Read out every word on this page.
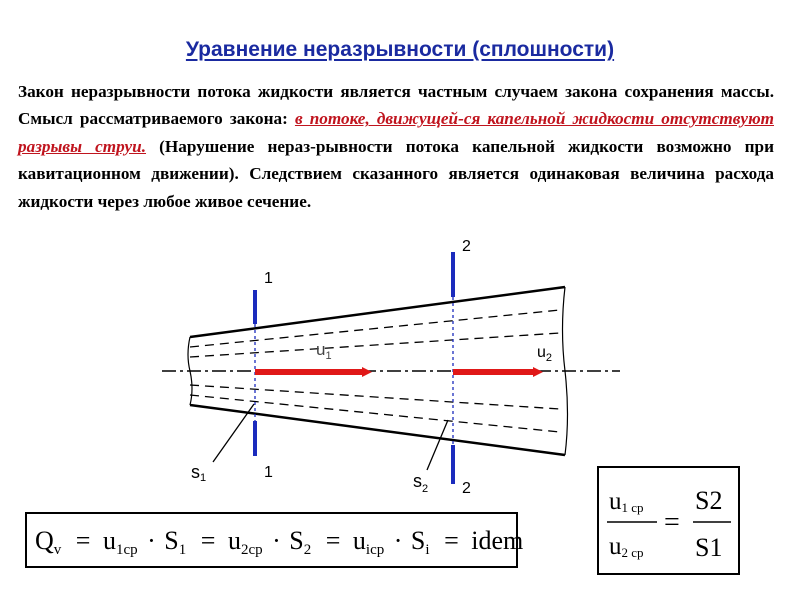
Уравнение неразрывности (сплошности)
Закон неразрывности потока жидкости является частным случаем закона сохранения массы. Смысл рассматриваемого закона: в потоке, движущей-ся капельной жидкости отсутствуют разрывы струи. (Нарушение нераз-рывности потока капельной жидкости возможно при кавитационном движении). Следствием сказанного является одинаковая величина расхода жидкости через любое живое сечение.
1
1
2
2
$u_1$	$u_2$
s1	$s_2$
Qv = u1ср · S1 = u2ср · S2 = uiср · Si = idem
u1 ср
u2 ср
=
S2
S1
